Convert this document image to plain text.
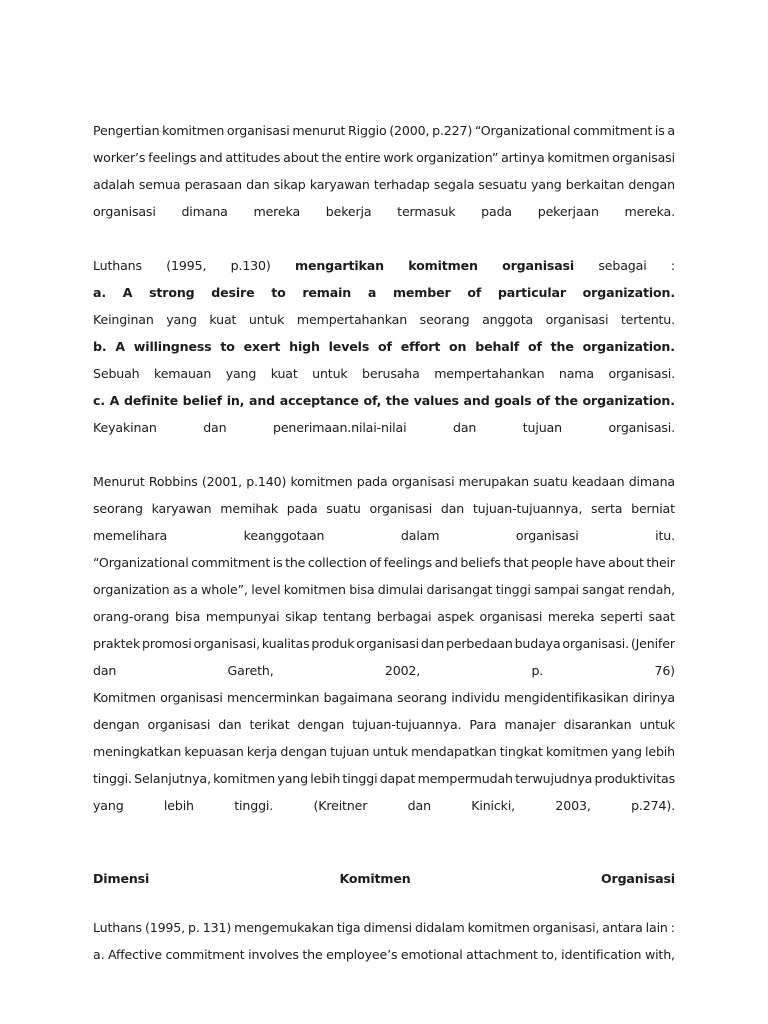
Pengertian komitmen organisasi menurut Riggio (2000, p.227) “Organizational commitment is a
worker’s feelings and attitudes about the entire work organization” artinya komitmen organisasi
adalah semua perasaan dan sikap karyawan terhadap segala sesuatu yang berkaitan dengan
organisasi dimana mereka bekerja termasuk pada pekerjaan mereka.
Luthans (1995, p.130) mengartikan komitmen organisasi sebagai :
a. A strong desire to remain a member of particular organization.
Keinginan yang kuat untuk mempertahankan seorang anggota organisasi tertentu.
b. A willingness to exert high levels of effort on behalf of the organization.
Sebuah kemauan yang kuat untuk berusaha mempertahankan nama organisasi.
c. A definite belief in, and acceptance of, the values and goals of the organization.
Keyakinan	dan	penerimaan.nilai-nilai	dan	tujuan	organisasi.
Menurut Robbins (2001, p.140) komitmen pada organisasi merupakan suatu keadaan dimana
seorang karyawan memihak pada suatu organisasi dan tujuan-tujuannya, serta berniat
memelihara	keanggotaan	dalam	organisasi	itu.
“Organizational commitment is the collection of feelings and beliefs that people have about their
organization as a whole”, level komitmen bisa dimulai darisangat tinggi sampai sangat rendah,
orang-orang bisa mempunyai sikap tentang berbagai aspek organisasi mereka seperti saat
praktek promosi organisasi, kualitas produk organisasi dan perbedaan budaya organisasi. (Jenifer
dan	Gareth,	2002,	p.	76)
Komitmen organisasi mencerminkan bagaimana seorang individu mengidentifikasikan dirinya
dengan organisasi dan terikat dengan tujuan-tujuannya. Para manajer disarankan untuk
meningkatkan kepuasan kerja dengan tujuan untuk mendapatkan tingkat komitmen yang lebih
tinggi. Selanjutnya, komitmen yang lebih tinggi dapat mempermudah terwujudnya produktivitas
yang	lebih	tinggi.	(Kreitner	dan	Kinicki,	2003,	p.274).
Dimensi	Komitmen	Organisasi
Luthans (1995, p. 131) mengemukakan tiga dimensi didalam komitmen organisasi, antara lain :
a. Affective commitment involves the employee’s emotional attachment to, identification with,
